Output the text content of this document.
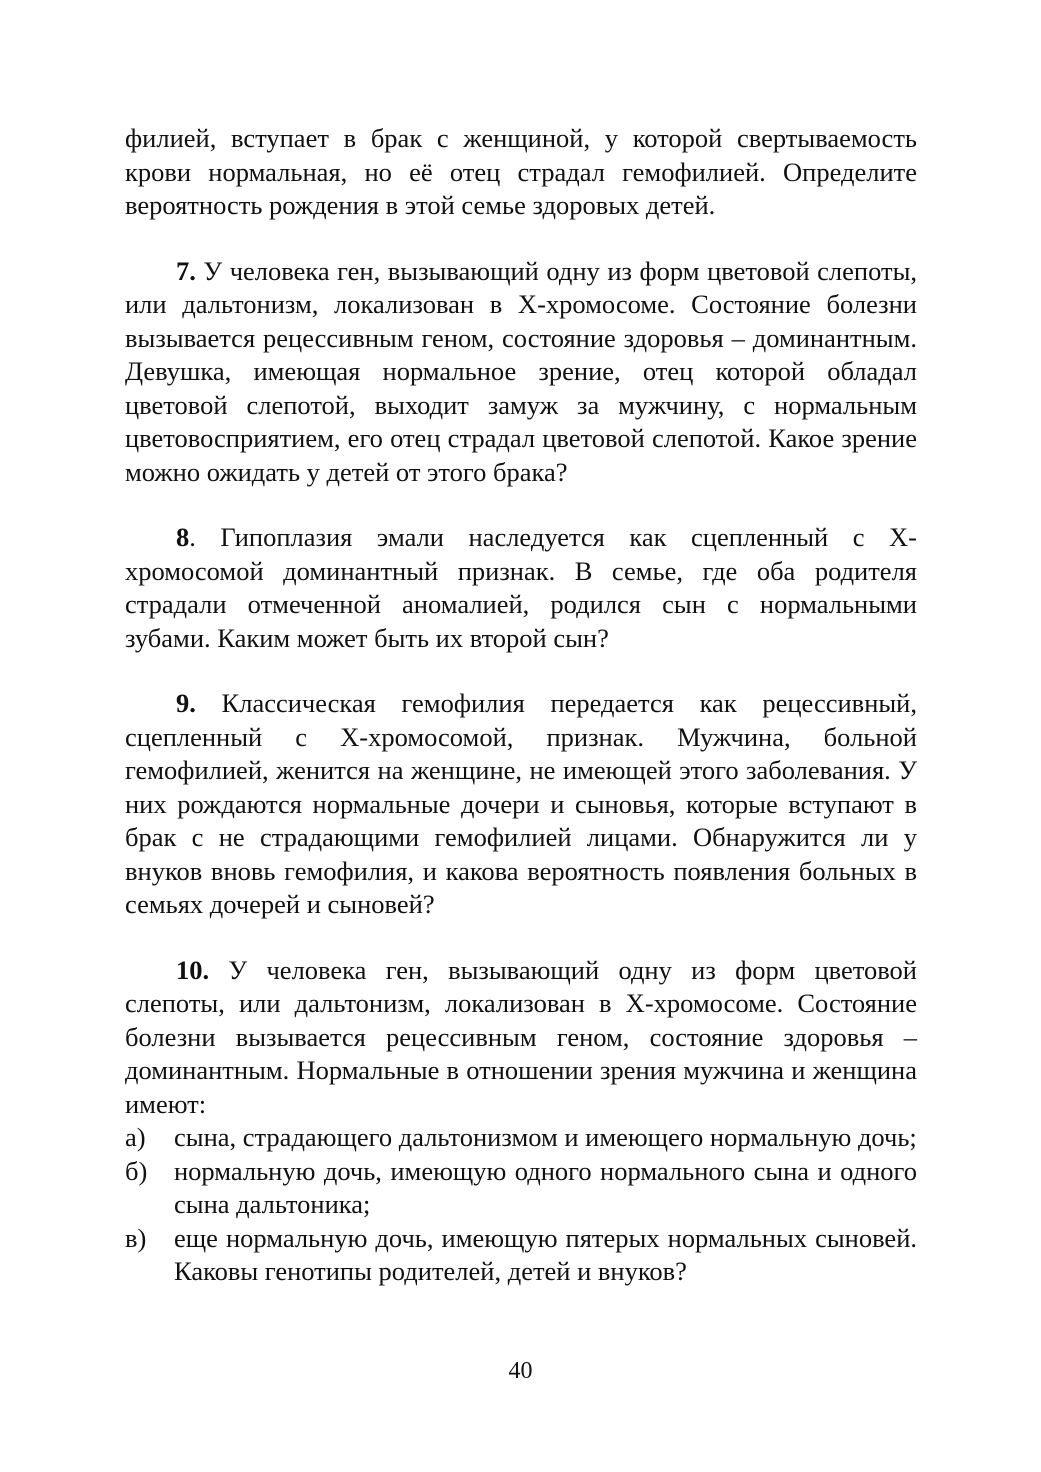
филией, вступает в брак с женщиной, у которой свертываемость крови нормальная, но её отец страдал гемофилией. Определите вероятность рождения в этой семье здоровых детей.

7. У человека ген, вызывающий одну из форм цветовой слепоты, или дальтонизм, локализован в Х-хромосоме. Состояние болезни вызывается рецессивным геном, состояние здоровья – доминантным. Девушка, имеющая нормальное зрение, отец которой обладал цветовой слепотой, выходит замуж за мужчину, с нормальным цветовосприятием, его отец страдал цветовой слепотой. Какое зрение можно ожидать у детей от этого брака?

8. Гипоплазия эмали наследуется как сцепленный с Х-хромосомой доминантный признак. В семье, где оба родителя страдали отмеченной аномалией, родился сын с нормальными зубами. Каким может быть их второй сын?

9. Классическая гемофилия передается как рецессивный, сцепленный с Х-хромосомой, признак. Мужчина, больной гемофилией, женится на женщине, не имеющей этого заболевания. У них рождаются нормальные дочери и сыновья, которые вступают в брак с не страдающими гемофилией лицами. Обнаружится ли у внуков вновь гемофилия, и какова вероятность появления больных в семьях дочерей и сыновей?

10. У человека ген, вызывающий одну из форм цветовой слепоты, или дальтонизм, локализован в Х-хромосоме. Состояние болезни вызывается рецессивным геном, состояние здоровья – доминантным. Нормальные в отношении зрения мужчина и женщина имеют:

а)	сына, страдающего дальтонизмом и имеющего нормальную дочь;
б)	нормальную дочь, имеющую одного нормального сына и одного сына дальтоника;
в)	еще нормальную дочь, имеющую пятерых нормальных сыновей. Каковы генотипы родителей, детей и внуков?
40
